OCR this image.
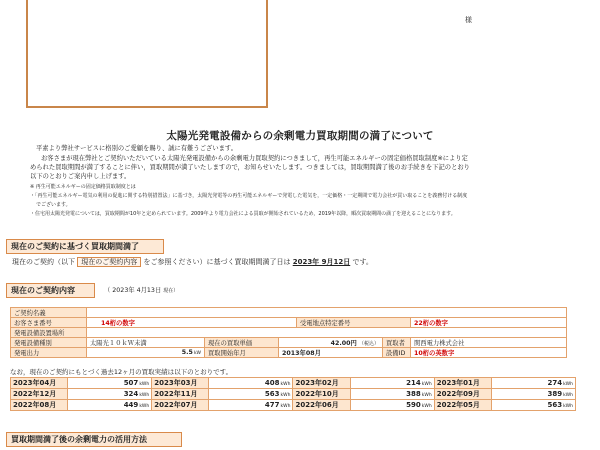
様
太陽光発電設備からの余剰電力買取期間の満了について
平素より弊社サービスに格別のご愛顧を賜り、誠に有難うございます。
お客さまが現在弊社とご契約いただいている太陽光発電設備からの余剰電力買取契約につきまして，再生可能エネルギーの固定価格買取制度※により定
められた買取期間が満了することに伴い，買取期間が満了いたしますので，お知らせいたします。つきましては，買取期間満了後のお手続きを下記のとおり
以下のとおりご案内申し上げます。
※ 再生可能エネルギーの固定価格買取制度とは
・「再生可能エネルギー電気の利用の促進に関する特別措置法」に基づき，太陽光発電等の再生可能エネルギーで発電した電気を，一定価格・一定期間で電力会社が買い取ることを義務付ける制度
でございます。
・住宅用太陽光発電については，買取期間が10年と定められています。2009年より電力会社による買取が開始されているため，2019年以降，順次買取期間の満了を迎えることになります。
現在のご契約に基づく買取期間満了
現在のご契約（以下 現在のご契約内容 をご参照ください）に基づく買取期間満了日は 2023年 9月12日 です。
現在のご契約内容	（ 2023年 4月13日 現在）
ご契約名義						
お客さま番号	14桁の数字			受電地点特定番号		22桁の数字
発電設備設置場所						
発電設備種別	太陽光１０ｋＷ未満	現在の買取単価	42.00円 （税込）		買取者	関西電力株式会社
発電出力	5.5kW	買取開始年月	2013年08月		設備ID	10桁の英数字
なお，現在のご契約にもとづく過去12ヶ月の買取実績は以下のとおりです。
2023年04月	507kWh	2023年03月	408kWh	2023年02月	214kWh	2023年01月	274kWh
2022年12月	324kWh	2022年11月	563kWh	2022年10月	388kWh	2022年09月	389kWh
2022年08月	449kWh	2022年07月	477kWh	2022年06月	590kWh	2022年05月	563kWh
買取期間満了後の余剰電力の活用方法
